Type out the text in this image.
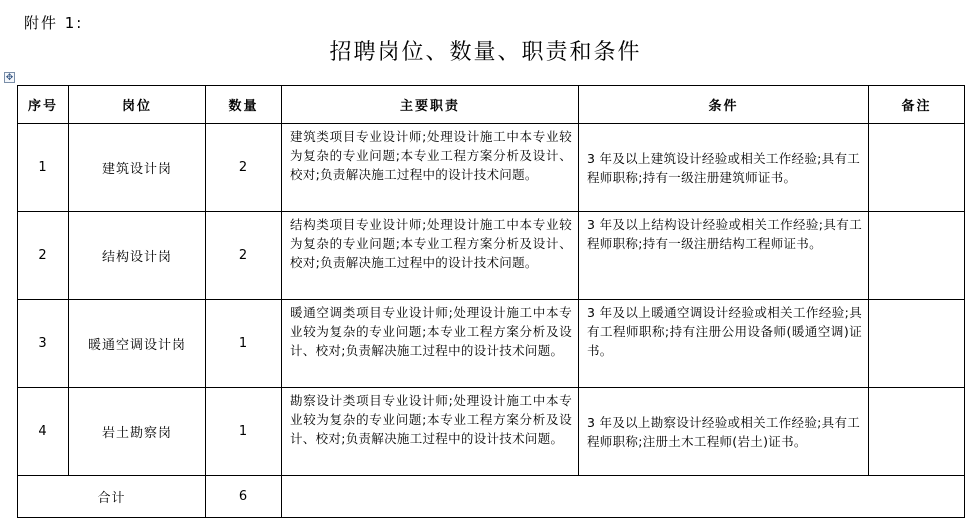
附件 1:
招聘岗位、数量、职责和条件
✥
序号	岗位	数量	主要职责	条件	备注
1	建筑设计岗	2	建筑类项目专业设计师;处理设计施工中本专业较为复杂的专业问题;本专业工程方案分析及设计、校对;负责解决施工过程中的设计技术问题。	3 年及以上建筑设计经验或相关工作经验;具有工程师职称;持有一级注册建筑师证书。	
2	结构设计岗	2	结构类项目专业设计师;处理设计施工中本专业较为复杂的专业问题;本专业工程方案分析及设计、校对;负责解决施工过程中的设计技术问题。	3 年及以上结构设计经验或相关工作经验;具有工程师职称;持有一级注册结构工程师证书。	
3	暖通空调设计岗	1	暖通空调类项目专业设计师;处理设计施工中本专业较为复杂的专业问题;本专业工程方案分析及设计、校对;负责解决施工过程中的设计技术问题。	3 年及以上暖通空调设计经验或相关工作经验;具有工程师职称;持有注册公用设备师(暖通空调)证书。	
4	岩土勘察岗	1	勘察设计类项目专业设计师;处理设计施工中本专业较为复杂的专业问题;本专业工程方案分析及设计、校对;负责解决施工过程中的设计技术问题。	3 年及以上勘察设计经验或相关工作经验;具有工程师职称;注册土木工程师(岩土)证书。	
合计		6			
